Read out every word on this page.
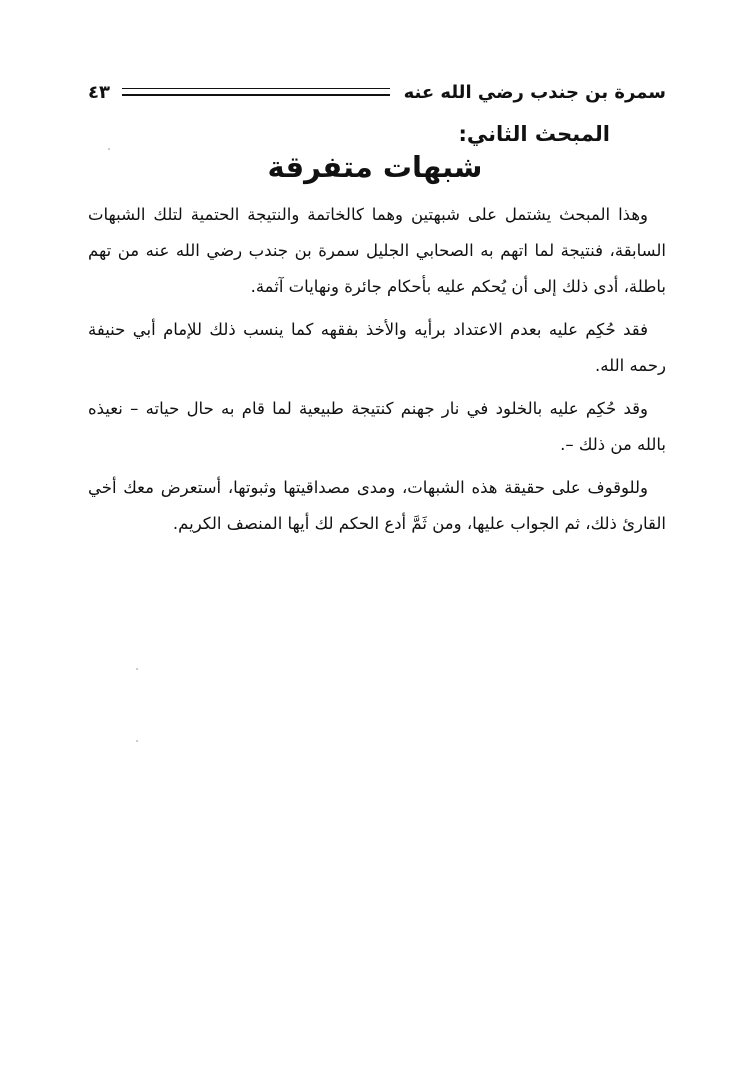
سمرة بن جندب رضي الله عنه
٤٣
المبحث الثاني:
شبهات متفرقة

وهذا المبحث يشتمل على شبهتين وهما كالخاتمة والنتيجة الحتمية لتلك الشبهات السابقة، فنتيجة لما اتهم به الصحابي الجليل سمرة بن جندب رضي الله عنه من تهم باطلة، أدى ذلك إلى أن يُحكم عليه بأحكام جائرة ونهايات آثمة.

فقد حُكِم عليه بعدم الاعتداد برأيه والأخذ بفقهه كما ينسب ذلك للإمام أبي حنيفة رحمه الله.

وقد حُكِم عليه بالخلود في نار جهنم كنتيجة طبيعية لما قام به حال حياته – نعيذه بالله من ذلك –.

وللوقوف على حقيقة هذه الشبهات، ومدى مصداقيتها وثبوتها، أستعرض معك أخي القارئ ذلك، ثم الجواب عليها، ومن ثَمَّ أدع الحكم لك أيها المنصف الكريم.
